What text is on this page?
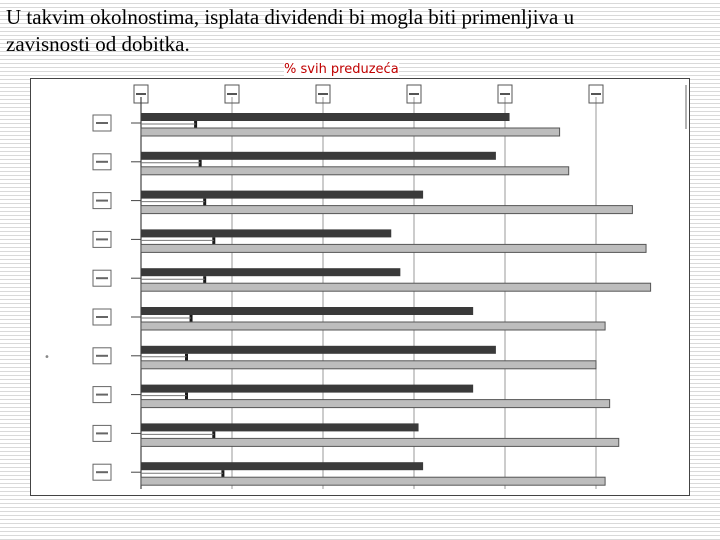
U takvim okolnostima, isplata dividendi bi mogla biti primenljiva u
zavisnosti od dobitka.
% svih preduzeća
•
